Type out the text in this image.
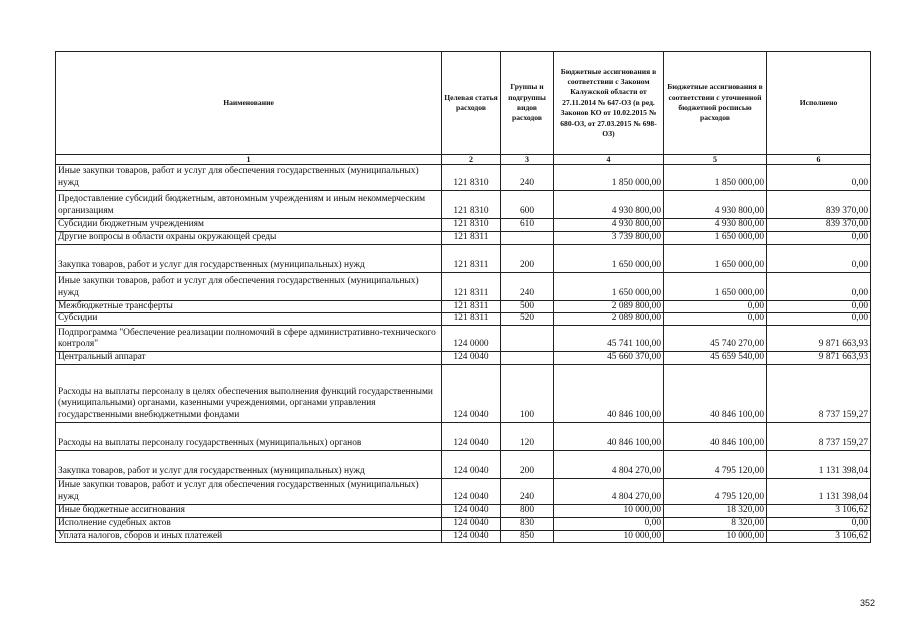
Наименование	Целевая статья расходов	Группы и подгруппы видов расходов	Бюджетные ассигнования в соответствии с Законом Калужской области от 27.11.2014 № 647-ОЗ (в ред. Законов КО от 10.02.2015 № 680-ОЗ, от 27.03.2015 № 698-ОЗ)	Бюджетные ассигнования в соответствии с уточненной бюджетной росписью расходов	Исполнено
1	2	3	4	5	6
Иные закупки товаров, работ и услуг для обеспечения государственных (муниципальных) нужд	121 8310	240	1 850 000,00	1 850 000,00	0,00
Предоставление субсидий бюджетным, автономным учреждениям и иным некоммерческим организациям	121 8310	600	4 930 800,00	4 930 800,00	839 370,00
Субсидии бюджетным учреждениям	121 8310	610	4 930 800,00	4 930 800,00	839 370,00
Другие вопросы в области охраны окружающей среды	121 8311		3 739 800,00	1 650 000,00	0,00
Закупка товаров, работ и услуг для государственных (муниципальных) нужд	121 8311	200	1 650 000,00	1 650 000,00	0,00
Иные закупки товаров, работ и услуг для обеспечения государственных (муниципальных) нужд	121 8311	240	1 650 000,00	1 650 000,00	0,00
Межбюджетные трансферты	121 8311	500	2 089 800,00	0,00	0,00
Субсидии	121 8311	520	2 089 800,00	0,00	0,00
Подпрограмма "Обеспечение реализации полномочий в сфере административно-технического контроля"	124 0000		45 741 100,00	45 740 270,00	9 871 663,93
Центральный аппарат	124 0040		45 660 370,00	45 659 540,00	9 871 663,93
Расходы на выплаты персоналу в целях обеспечения выполнения функций государственными (муниципальными) органами, казенными учреждениями, органами управления государственными внебюджетными фондами	124 0040	100	40 846 100,00	40 846 100,00	8 737 159,27
Расходы на выплаты персоналу государственных (муниципальных) органов	124 0040	120	40 846 100,00	40 846 100,00	8 737 159,27
Закупка товаров, работ и услуг для государственных (муниципальных) нужд	124 0040	200	4 804 270,00	4 795 120,00	1 131 398,04
Иные закупки товаров, работ и услуг для обеспечения государственных (муниципальных) нужд	124 0040	240	4 804 270,00	4 795 120,00	1 131 398,04
Иные бюджетные ассигнования	124 0040	800	10 000,00	18 320,00	3 106,62
Исполнение судебных актов	124 0040	830	0,00	8 320,00	0,00
Уплата налогов, сборов и иных платежей	124 0040	850	10 000,00	10 000,00	3 106,62
352
